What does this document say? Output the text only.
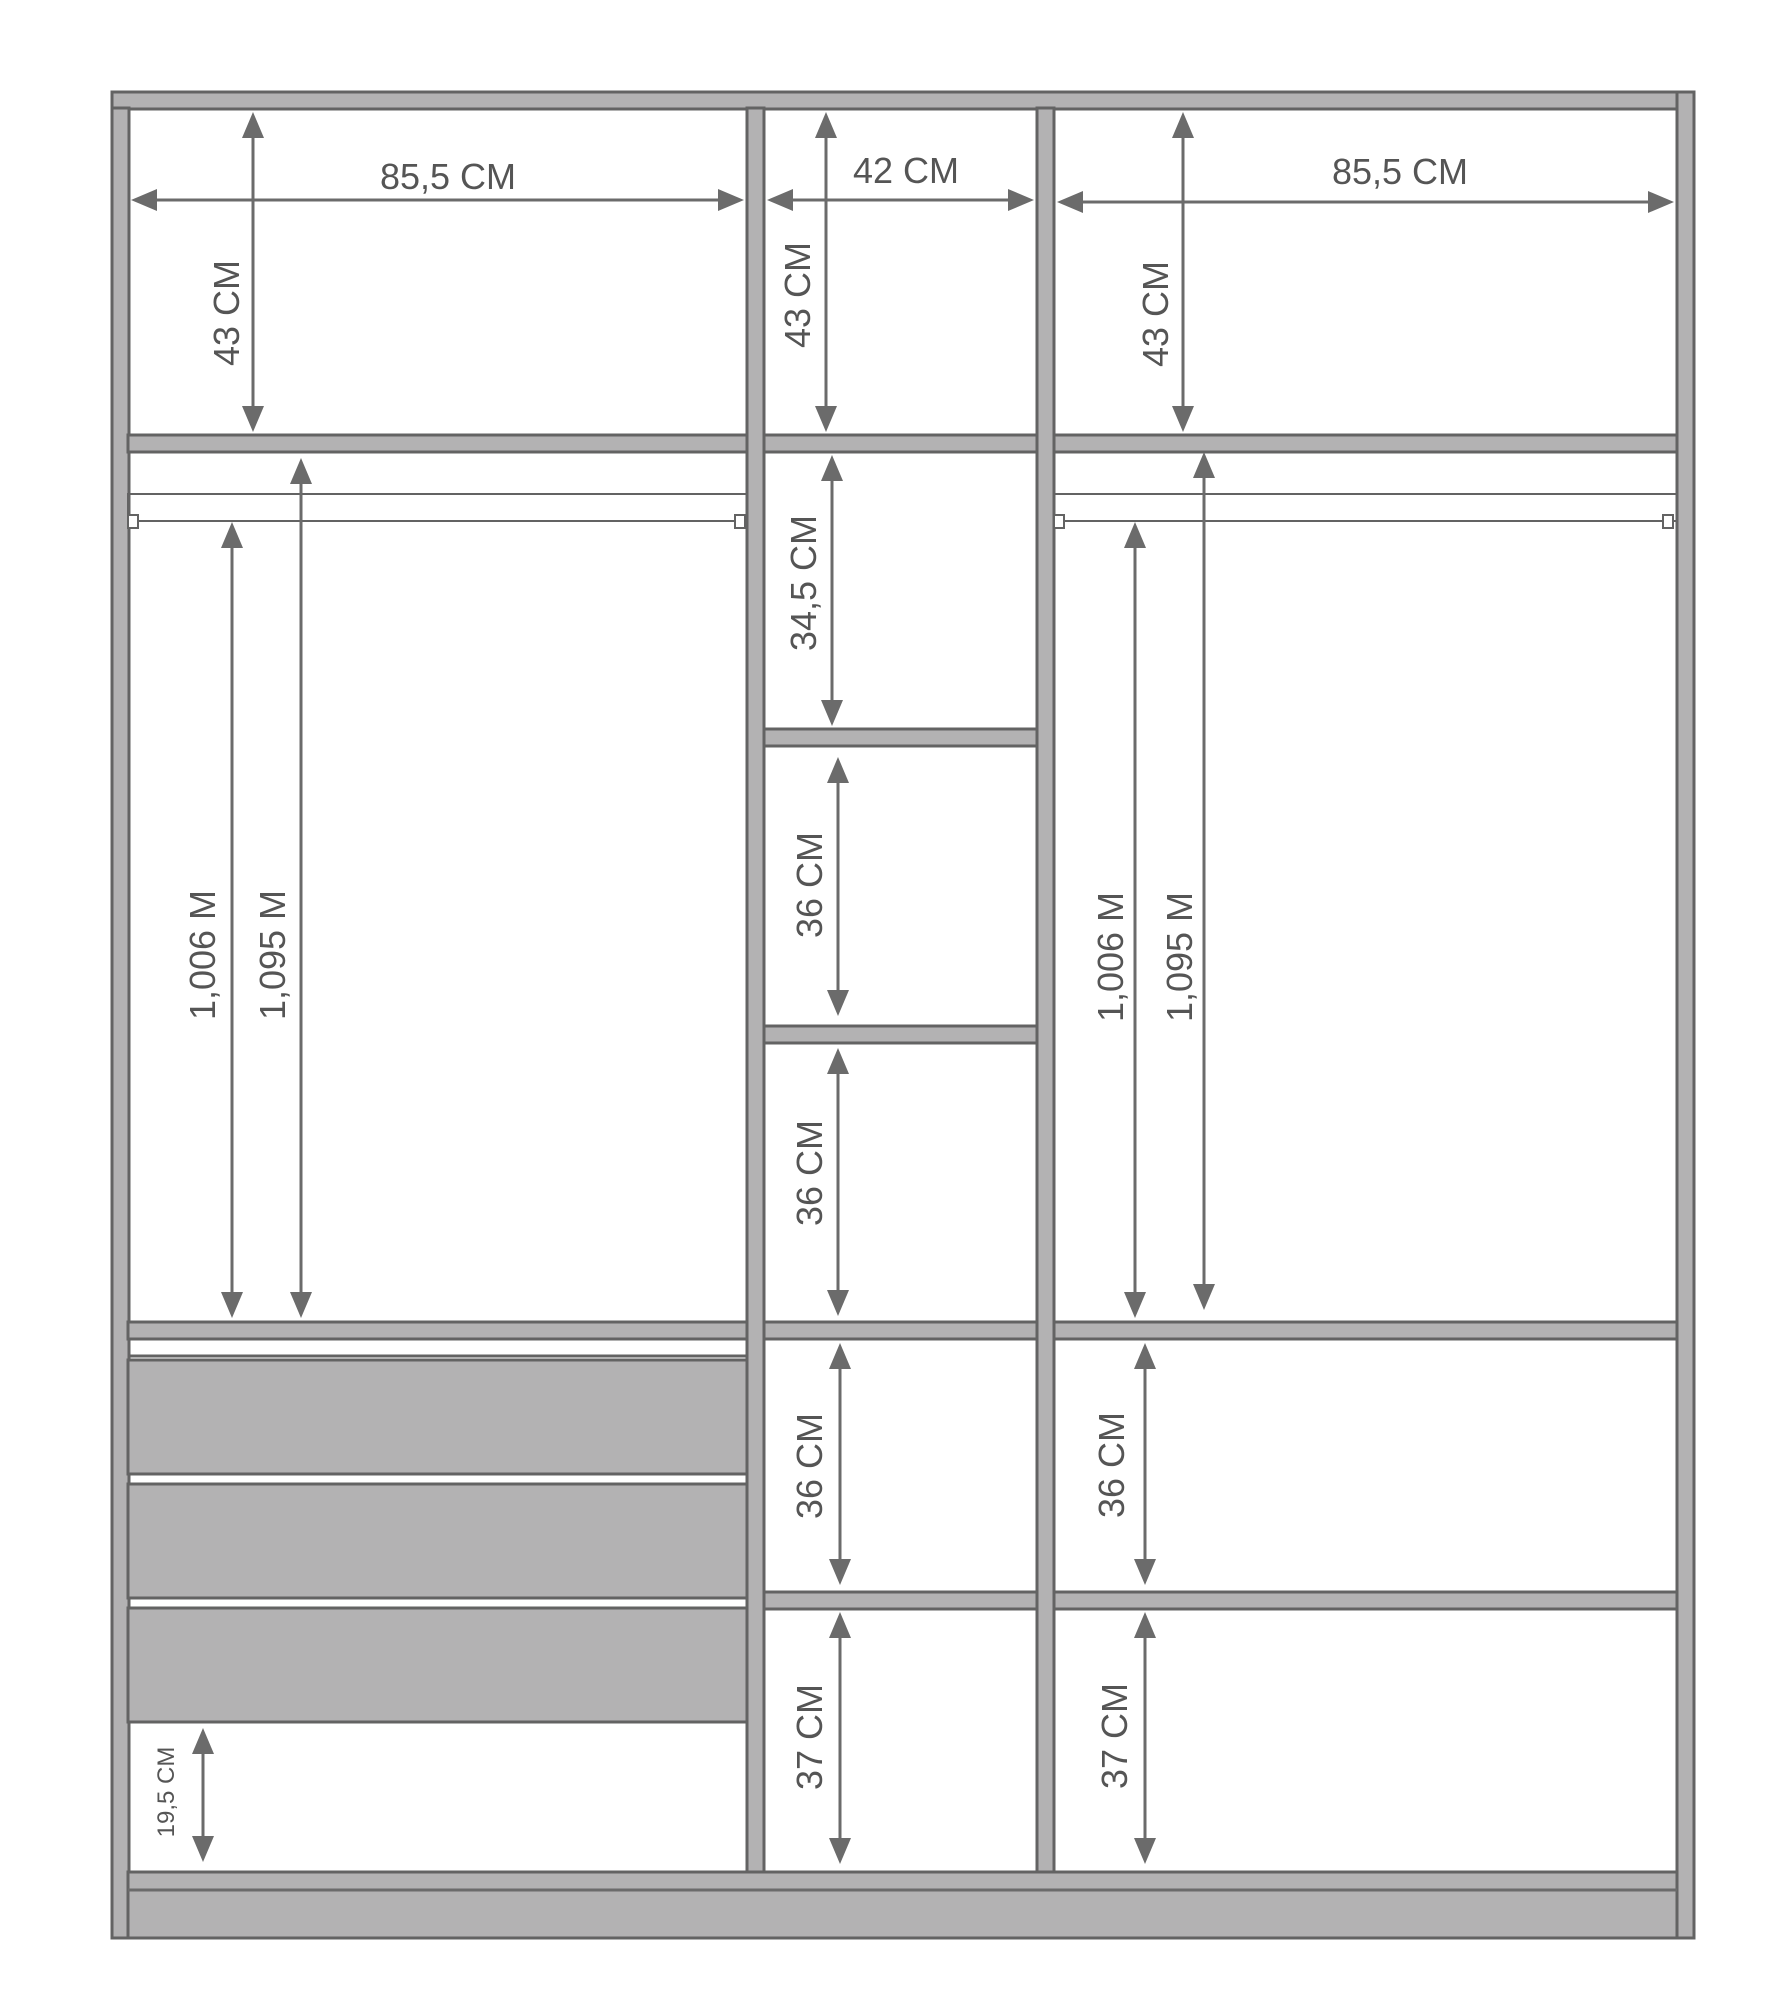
85,5 CM	42 CM	85,5 CM
43 CM	43 CM	43 CM
34,5 CM
36 CM
36 CM
36 CM
37 CM
1,006 M 1,095 M	1,006 M 1,095 M
36 CM
37 CM
19,5 CM
